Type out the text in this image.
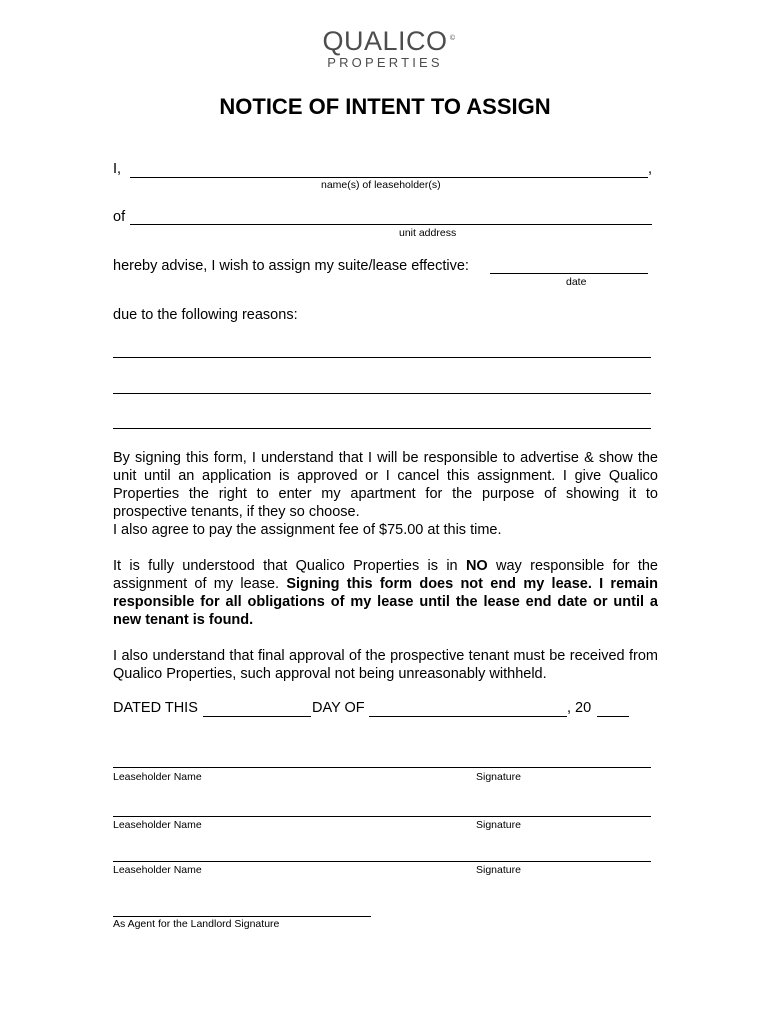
QUALICO ©
PROPERTIES
NOTICE OF INTENT TO ASSIGN
I,	,
name(s) of leaseholder(s)
of
unit address
hereby advise, I wish to assign my suite/lease effective:
date
due to the following reasons:
By signing this form, I understand that I will be responsible to advertise & show the unit until an application is approved or I cancel this assignment. I give Qualico Properties the right to enter my apartment for the purpose of showing it to prospective tenants, if they so choose.
I also agree to pay the assignment fee of $75.00 at this time.
It is fully understood that Qualico Properties is in NO way responsible for the assignment of my lease. Signing this form does not end my lease. I remain responsible for all obligations of my lease until the lease end date or until a new tenant is found.
I also understand that final approval of the prospective tenant must be received from Qualico Properties, such approval not being unreasonably withheld.
DATED THIS	DAY OF	, 20
Leaseholder Name	Signature
Leaseholder Name	Signature
Leaseholder Name	Signature
As Agent for the Landlord Signature
